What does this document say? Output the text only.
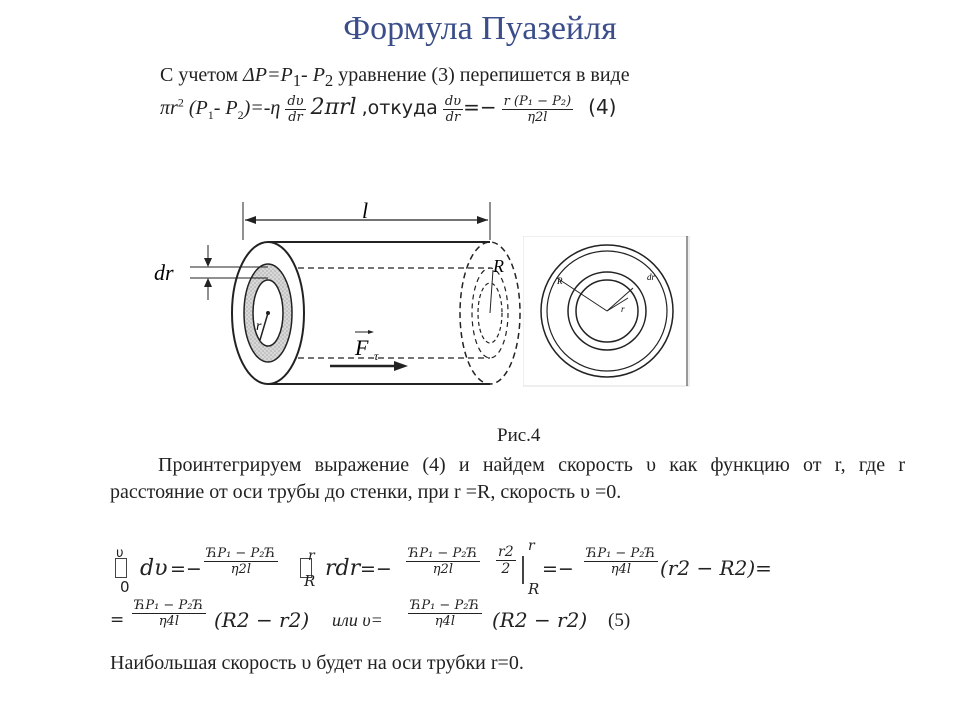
Формула Пуазейля
С учетом $\Delta P=P_1-$ $P_2$ уравнение (3) перепишется в виде
$\pi r^2$ ($P_1-$ $P_2)=-\eta \frac{d\upsilon}{dr} 2\pi rl$ ,откуда $\frac{d\upsilon}{dr} =- \frac{\text{r (P₁ − P₂)}}{\eta 2l} (4)$
l
r
dr	R
F τ
R
r
dr
Рис.4
Проинтегрируем выражение (4) и найдем скорость υ как функцию от r, где r расстояние от оси трубы до стенки, при r =R, скорость υ =0.
υ
0
dυ =−
ЋP₁ − P₂Ћ
η2l
r
R rdr =−
ЋP₁ − P₂Ћ
η2l	$\frac{r2}{2}$ r
R
=−
ЋP₁ − P₂Ћ
η4l	(r2 − R2)=
=
ЋP₁ − P₂Ћ
η4l	(R2 − r2) или υ=
ЋP₁ − P₂Ћ
η4l	(R2 − r2) (5)
Наибольшая скорость υ будет на оси трубки r=0.
